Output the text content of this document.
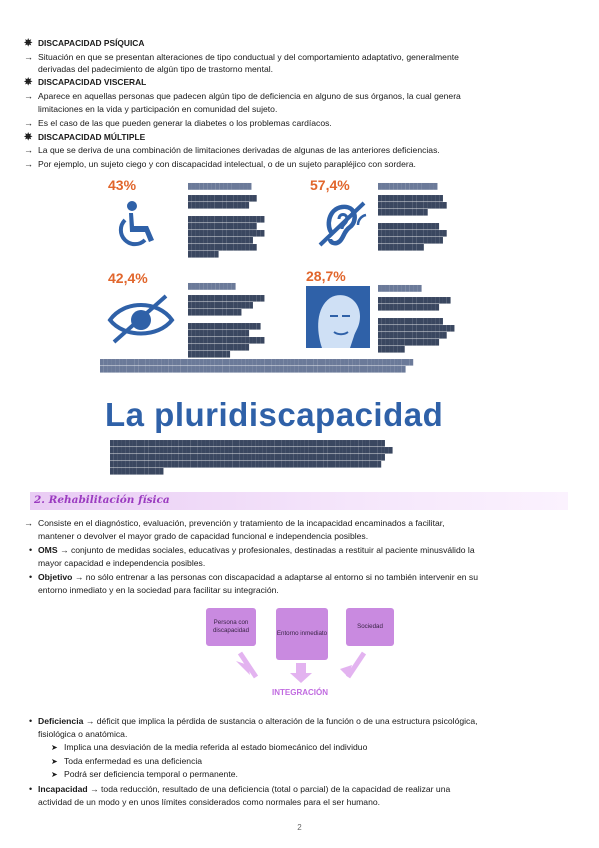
✵ DISCAPACIDAD PSÍQUICA
→ Situación en que se presentan alteraciones de tipo conductual y del comportamiento adaptativo, generalmente
derivadas del padecimiento de algún tipo de trastorno mental.
✵ DISCAPACIDAD VISCERAL
→ Aparece en aquellas personas que padecen algún tipo de deficiencia en alguno de sus órganos, la cual genera
limitaciones en la vida y participación en comunidad del sujeto.
→ Es el caso de las que pueden generar la diabetes o los problemas cardíacos.
✵ DISCAPACIDAD MÚLTIPLE
→ La que se deriva de una combinación de limitaciones derivadas de algunas de las anteriores deficiencias.
→ Por ejemplo, un sujeto ciego y con discapacidad intelectual, o de un sujeto parapléjico con sordera.
43%	████████████████
██████████████████
████████████████

████████████████████
██████████████████
████████████████████
█████████████████
██████████████████
████████
57,4%	███████████████
█████████████████
██████████████████
█████████████

████████████████
██████████████████
█████████████████
████████████
42,4%
████████████
████████████████████
█████████████████
██████████████

███████████████████
████████████████
████████████████████
████████████████
███████████
28,7%
███████████
███████████████████
████████████████

█████████████████
████████████████████
██████████████████
████████████████
███████
██████████████████████████████████████████████████████████████████████████████████
████████████████████████████████████████████████████████████████████████████████
La pluridiscapacidad
████████████████████████████████████████████████████████████████████████
██████████████████████████████████████████████████████████████████████████
████████████████████████████████████████████████████████████████████████
███████████████████████████████████████████████████████████████████████
██████████████
2. Rehabilitación física
→ Consiste en el diagnóstico, evaluación, prevención y tratamiento de la incapacidad encaminados a facilitar,
mantener o devolver el mayor grado de capacidad funcional e independencia posibles.
• OMS → conjunto de medidas sociales, educativas y profesionales, destinadas a restituir al paciente minusválido la
mayor capacidad e independencia posibles.
• Objetivo → no sólo entrenar a las personas con discapacidad a adaptarse al entorno si no también intervenir en su
entorno inmediato y en la sociedad para facilitar su integración.
Persona con discapacidad	Entorno inmediato
Sociedad
INTEGRACIÓN
• Deficiencia → déficit que implica la pérdida de sustancia o alteración de la función o de una estructura psicológica,
fisiológica o anatómica.
➤ Implica una desviación de la media referida al estado biomecánico del individuo
➤ Toda enfermedad es una deficiencia
➤ Podrá ser deficiencia temporal o permanente.
• Incapacidad → toda reducción, resultado de una deficiencia (total o parcial) de la capacidad de realizar una
actividad de un modo y en unos límites considerados como normales para el ser humano.
2
